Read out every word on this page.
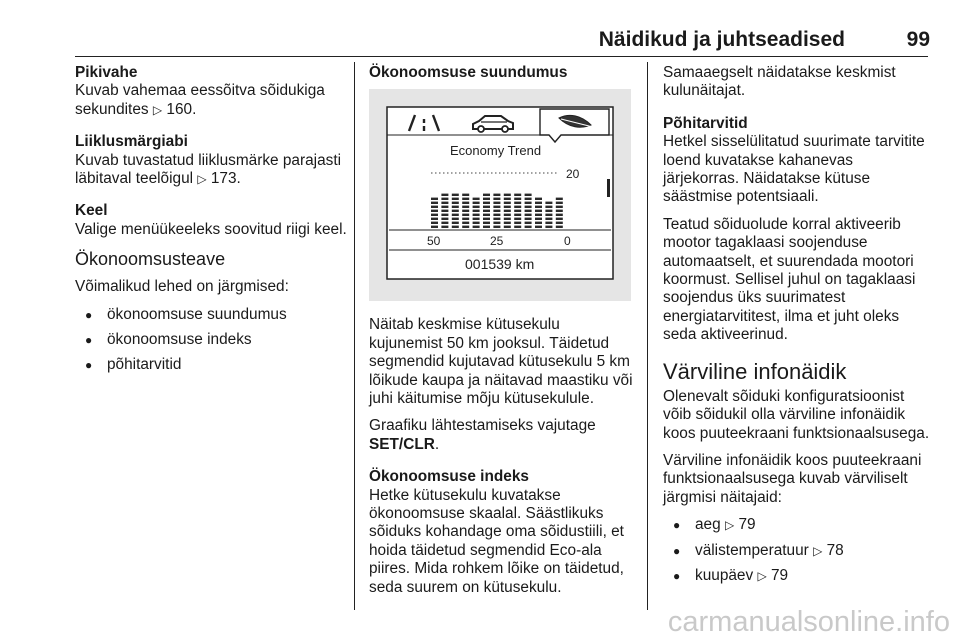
Näidikud ja juhtseadised	99

Pikivahe
Kuvab vahemaa eessõitva sõidukiga sekundites ▷ 160.

Liiklusmärgiabi
Kuvab tuvastatud liiklusmärke parajasti läbitaval teelõigul ▷ 173.

Keel
Valige menüükeeleks soovitud riigi keel.

Ökonoomsusteave

Võimalikud lehed on järgmised:

● ökonoomsuse suundumus
● ökonoomsuse indeks
● põhitarvitid

Ökonoomsuse suundumus

Economy Trend
20
50	25	0
001539 km

Näitab keskmise kütusekulu kujunemist 50 km jooksul. Täidetud segmendid kujutavad kütusekulu 5 km lõikude kaupa ja näitavad maastiku või juhi käitumise mõju kütusekulule.

Graafiku lähtestamiseks vajutage SET/CLR.

Ökonoomsuse indeks
Hetke kütusekulu kuvatakse ökonoomsuse skaalal. Säästlikuks sõiduks kohandage oma sõidustiili, et hoida täidetud segmendid Eco-ala piires. Mida rohkem lõike on täidetud, seda suurem on kütusekulu.

Samaaegselt näidatakse keskmist kulunäitajat.

Põhitarvitid
Hetkel sisselülitatud suurimate tarvitite loend kuvatakse kahanevas järjekorras. Näidatakse kütuse säästmise potentsiaali.

Teatud sõiduolude korral aktiveerib mootor tagaklaasi soojenduse automaatselt, et suurendada mootori koormust. Sellisel juhul on tagaklaasi soojendus üks suurimatest energiatarvititest, ilma et juht oleks seda aktiveerinud.

Värviline infonäidik

Olenevalt sõiduki konfiguratsioonist võib sõidukil olla värviline infonäidik koos puuteekraani funktsionaalsusega.

Värviline infonäidik koos puuteekraani funktsionaalsusega kuvab värviliselt järgmisi näitajaid:

● aeg ▷ 79
● välistemperatuur ▷ 78
● kuupäev ▷ 79
carmanualsonline.info
